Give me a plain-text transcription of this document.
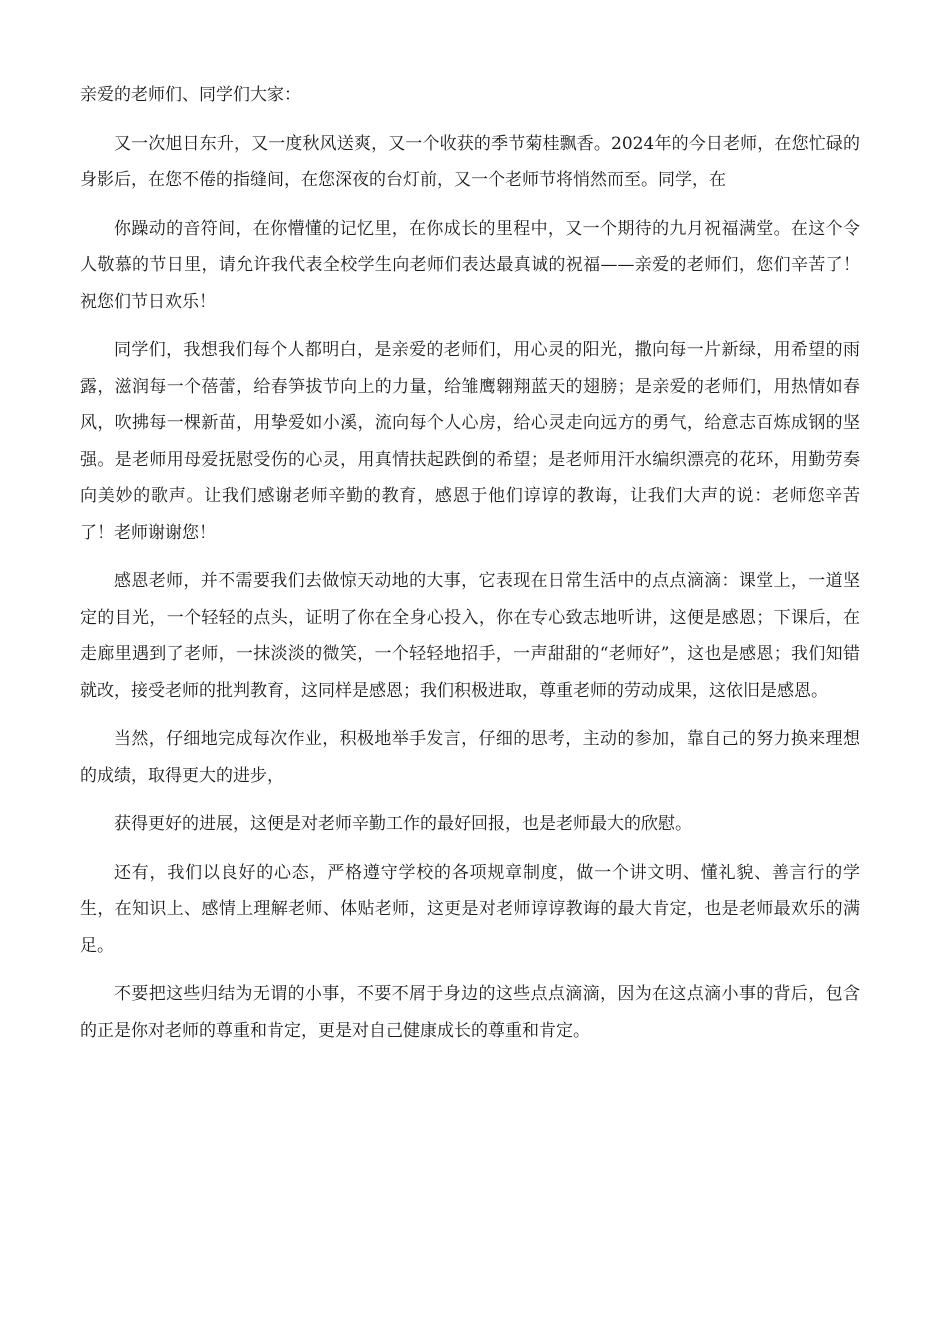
亲爱的老师们、同学们大家：

又一次旭日东升，又一度秋风送爽，又一个收获的季节菊桂飘香。2024年的今日老师，在您忙碌的身影后，在您不倦的指缝间，在您深夜的台灯前，又一个老师节将悄然而至。同学，在

你躁动的音符间，在你懵懂的记忆里，在你成长的里程中，又一个期待的九月祝福满堂。在这个令人敬慕的节日里，请允许我代表全校学生向老师们表达最真诚的祝福——亲爱的老师们，您们辛苦了！祝您们节日欢乐！

同学们，我想我们每个人都明白，是亲爱的老师们，用心灵的阳光，撒向每一片新绿，用希望的雨露，滋润每一个蓓蕾，给春笋拔节向上的力量，给雏鹰翱翔蓝天的翅膀；是亲爱的老师们，用热情如春风，吹拂每一棵新苗，用挚爱如小溪，流向每个人心房，给心灵走向远方的勇气，给意志百炼成钢的坚强。是老师用母爱抚慰受伤的心灵，用真情扶起跌倒的希望；是老师用汗水编织漂亮的花环，用勤劳奏向美妙的歌声。让我们感谢老师辛勤的教育，感恩于他们谆谆的教诲，让我们大声的说：老师您辛苦了！老师谢谢您！

感恩老师，并不需要我们去做惊天动地的大事，它表现在日常生活中的点点滴滴：课堂上，一道坚定的目光，一个轻轻的点头，证明了你在全身心投入，你在专心致志地听讲，这便是感恩；下课后，在走廊里遇到了老师，一抹淡淡的微笑，一个轻轻地招手，一声甜甜的“老师好”，这也是感恩；我们知错就改，接受老师的批判教育，这同样是感恩；我们积极进取，尊重老师的劳动成果，这依旧是感恩。

当然，仔细地完成每次作业，积极地举手发言，仔细的思考，主动的参加，靠自己的努力换来理想的成绩，取得更大的进步，

获得更好的进展，这便是对老师辛勤工作的最好回报，也是老师最大的欣慰。

还有，我们以良好的心态，严格遵守学校的各项规章制度，做一个讲文明、懂礼貌、善言行的学生，在知识上、感情上理解老师、体贴老师，这更是对老师谆谆教诲的最大肯定，也是老师最欢乐的满足。

不要把这些归结为无谓的小事，不要不屑于身边的这些点点滴滴，因为在这点滴小事的背后，包含的正是你对老师的尊重和肯定，更是对自己健康成长的尊重和肯定。
